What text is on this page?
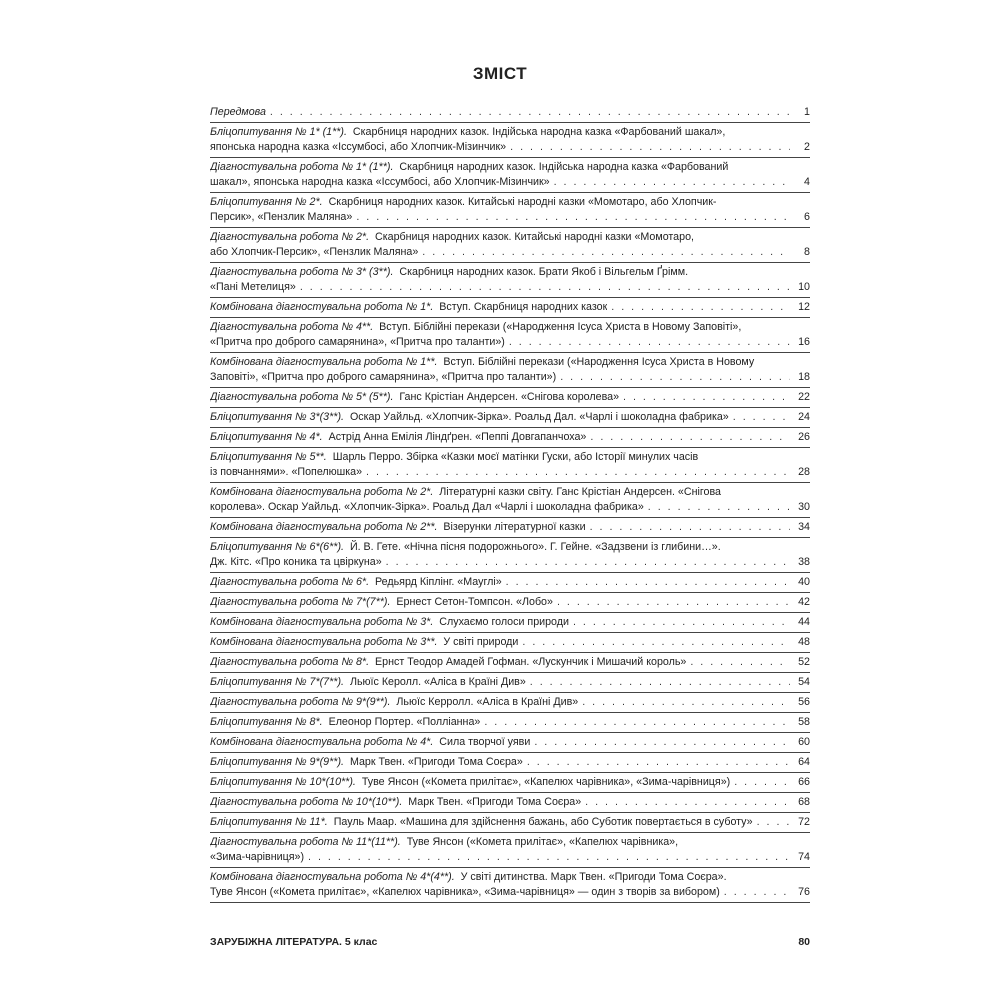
ЗМІСТ
Передмова . . .	1
Бліцопитування № 1* (1**). Скарбниця народних казок. Індійська народна казка «Фарбований шакал»,
японська народна казка «Іссумбосі, або Хлопчик-Мізинчик» . . .	2
Діагностувальна робота № 1* (1**). Скарбниця народних казок. Індійська народна казка «Фарбований
шакал», японська народна казка «Іссумбосі, або Хлопчик-Мізинчик» . . .	4
Бліцопитування № 2*. Скарбниця народних казок. Китайські народні казки «Момотаро, або Хлопчик-
Персик», «Пензлик Маляна» . . .	6
Діагностувальна робота № 2*. Скарбниця народних казок. Китайські народні казки «Момотаро,
або Хлопчик-Персик», «Пензлик Маляна» . . .	8
Діагностувальна робота № 3* (3**). Скарбниця народних казок. Брати Якоб і Вільгельм Ґрімм.
«Пані Метелиця» . . .	10
Комбінована діагностувальна робота № 1*. Вступ. Скарбниця народних казок . . .	12
Діагностувальна робота № 4**. Вступ. Біблійні перекази («Народження Ісуса Христа в Новому Заповіті»,
«Притча про доброго самарянина», «Притча про таланти») . . .	16
Комбінована діагностувальна робота № 1**. Вступ. Біблійні перекази («Народження Ісуса Христа в Новому
Заповіті», «Притча про доброго самарянина», «Притча про таланти») . . .	18
Діагностувальна робота № 5* (5**). Ганс Крістіан Андерсен. «Снігова королева» . . .	22
Бліцопитування № 3*(3**). Оскар Уайльд. «Хлопчик-Зірка». Роальд Дал. «Чарлі і шоколадна фабрика» . . .	24
Бліцопитування № 4*. Астрід Анна Емілія Ліндґрен. «Пеппі Довгапанчоха» . . .	26
Бліцопитування № 5**. Шарль Перро. Збірка «Казки моєї матінки Гуски, або Історії минулих часів
із повчаннями». «Попелюшка» . . .	28
Комбінована діагностувальна робота № 2*. Літературні казки світу. Ганс Крістіан Андерсен. «Снігова
королева». Оскар Уайльд. «Хлопчик-Зірка». Роальд Дал «Чарлі і шоколадна фабрика» . . .	30
Комбінована діагностувальна робота № 2**. Візерунки літературної казки . . .	34
Бліцопитування № 6*(6**). Й. В. Гете. «Нічна пісня подорожнього». Г. Гейне. «Задзвени із глибини…».
Дж. Кітс. «Про коника та цвіркуна» . . .	38
Діагностувальна робота № 6*. Редьярд Кіплінг. «Мауглі» . . .	40
Діагностувальна робота № 7*(7**). Ернест Сетон-Томпсон. «Лобо» . . .	42
Комбінована діагностувальна робота № 3*. Слухаємо голоси природи . . .	44
Комбінована діагностувальна робота № 3**. У світі природи . . .	48
Діагностувальна робота № 8*. Ернст Теодор Амадей Гофман. «Лускунчик і Мишачий король» . . .	52
Бліцопитування № 7*(7**). Льюїс Керолл. «Аліса в Країні Див» . . .	54
Діагностувальна робота № 9*(9**). Льюїс Керролл. «Аліса в Країні Див» . . .	56
Бліцопитування № 8*. Елеонор Портер. «Полліанна» . . .	58
Комбінована діагностувальна робота № 4*. Сила творчої уяви . . .	60
Бліцопитування № 9*(9**). Марк Твен. «Пригоди Тома Соєра» . . .	64
Бліцопитування № 10*(10**). Туве Янсон («Комета прилітає», «Капелюх чарівника», «Зима-чарівниця») . . .	66
Діагностувальна робота № 10*(10**). Марк Твен. «Пригоди Тома Соєра» . . .	68
Бліцопитування № 11*. Пауль Маар. «Машина для здійснення бажань, або Суботик повертається в суботу» . . .	72
Діагностувальна робота № 11*(11**). Туве Янсон («Комета прилітає», «Капелюх чарівника»,
«Зима-чарівниця») . . .	74
Комбінована діагностувальна робота № 4*(4**). У світі дитинства. Марк Твен. «Пригоди Тома Соєра».
Туве Янсон («Комета прилітає», «Капелюх чарівника», «Зима-чарівниця» — один з творів за вибором) . . .	76
ЗАРУБІЖНА ЛІТЕРАТУРА. 5 клас	80
